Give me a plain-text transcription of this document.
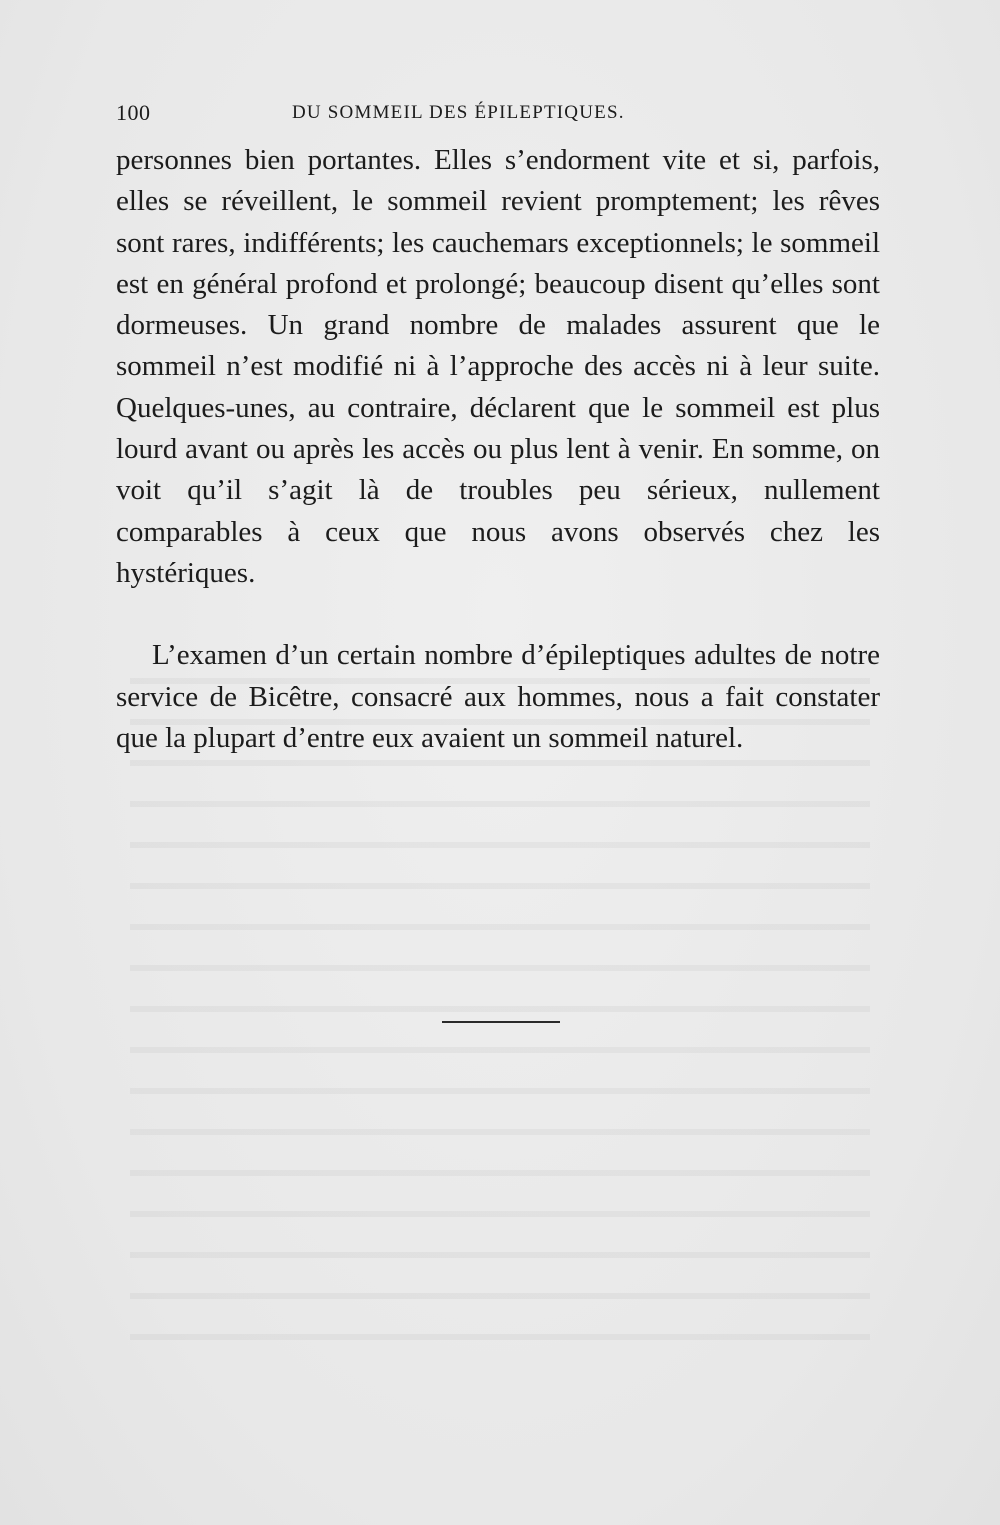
100	DU SOMMEIL DES ÉPILEPTIQUES.

personnes bien portantes. Elles s’endorment vite et si, parfois, elles se réveillent, le sommeil revient promptement; les rêves sont rares, indifférents; les cauchemars exceptionnels; le sommeil est en général profond et prolongé; beaucoup disent qu’elles sont dormeuses. Un grand nombre de malades assurent que le sommeil n’est modifié ni à l’approche des accès ni à leur suite. Quelques-unes, au contraire, déclarent que le sommeil est plus lourd avant ou après les accès ou plus lent à venir. En somme, on voit qu’il s’agit là de troubles peu sérieux, nullement comparables à ceux que nous avons observés chez les hystériques.

L’examen d’un certain nombre d’épileptiques adultes de notre service de Bicêtre, consacré aux hommes, nous a fait constater que la plupart d’entre eux avaient un sommeil naturel.
